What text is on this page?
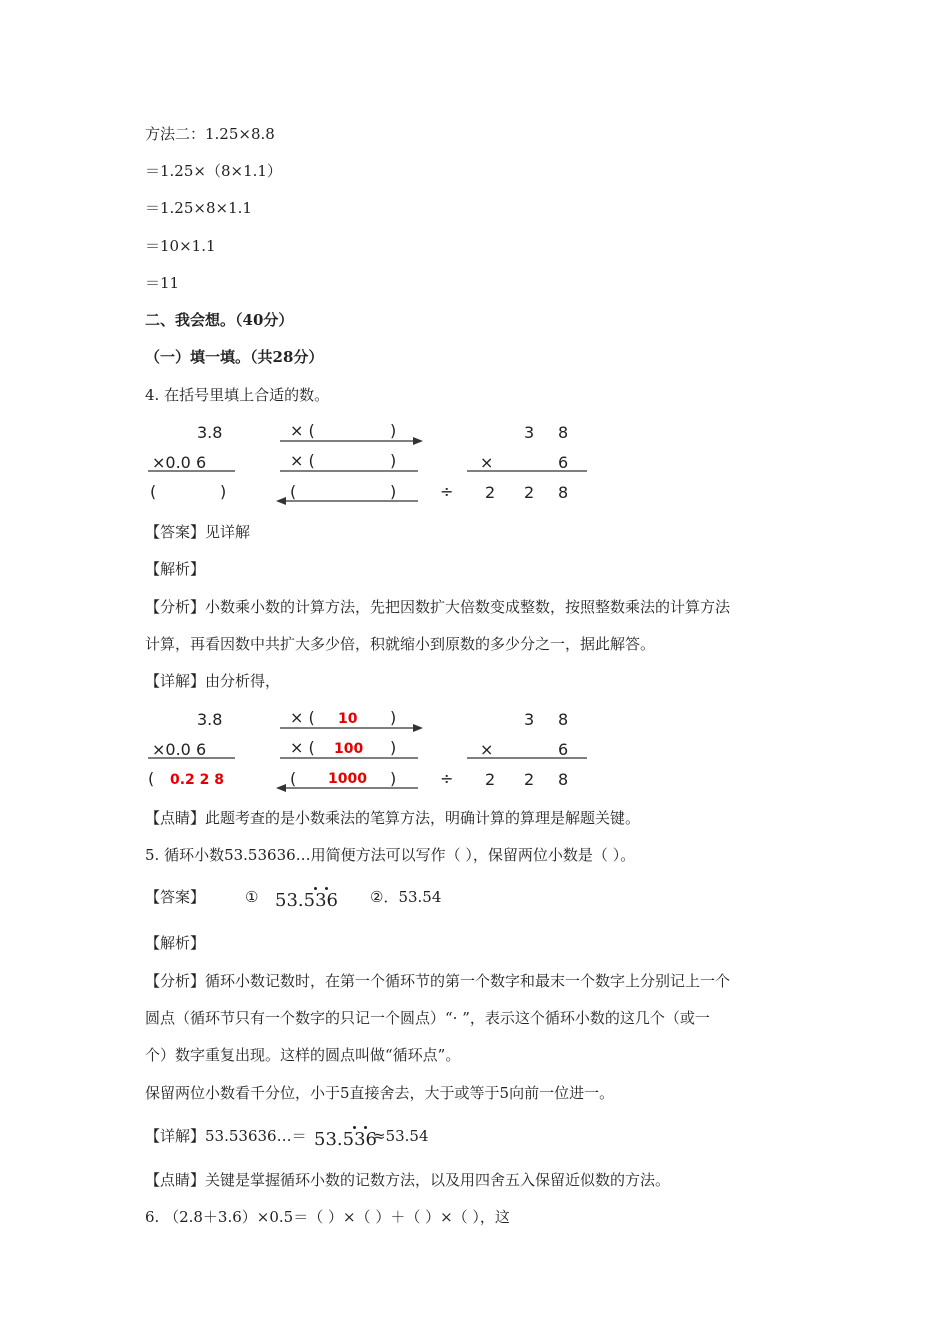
方法二：1.25×8.8
＝1.25×（8×1.1）
＝1.25×8×1.1
＝10×1.1
＝11
二、我会想。（40分）
（一）填一填。（共28分）
4. 在括号里填上合适的数。
3.8
×0.0 6
(	)
× (	)
× (	)
(	)	÷
3 8
×	6
2 2 8
【答案】见详解
【解析】
【分析】小数乘小数的计算方法，先把因数扩大倍数变成整数，按照整数乘法的计算方法
计算，再看因数中共扩大多少倍，积就缩小到原数的多少分之一，据此解答。
【详解】由分析得，
3.8
×0.0 6
( 0.2 2 8
× ( 10 )
× ( 100 )
( 1000 )	÷
3 8
×	6
2 2 8
【点睛】此题考查的是小数乘法的笔算方法，明确计算的算理是解题关键。
5. 循环小数53.53636…用简便方法可以写作（ ），保留两位小数是（ ）。
【答案】	① 53.536 ②．53.54
【解析】
【分析】循环小数记数时，在第一个循环节的第一个数字和最末一个数字上分别记上一个
圆点（循环节只有一个数字的只记一个圆点）“· ”，表示这个循环小数的这几个（或一
个）数字重复出现。这样的圆点叫做“循环点”。
保留两位小数看千分位，小于5直接舍去，大于或等于5向前一位进一。
【详解】53.53636…＝ 53.536
≈53.54
【点睛】关键是掌握循环小数的记数方法，以及用四舍五入保留近似数的方法。
6. （2.8＋3.6）×0.5＝（ ）×（ ）＋（ ）×（ ），这
